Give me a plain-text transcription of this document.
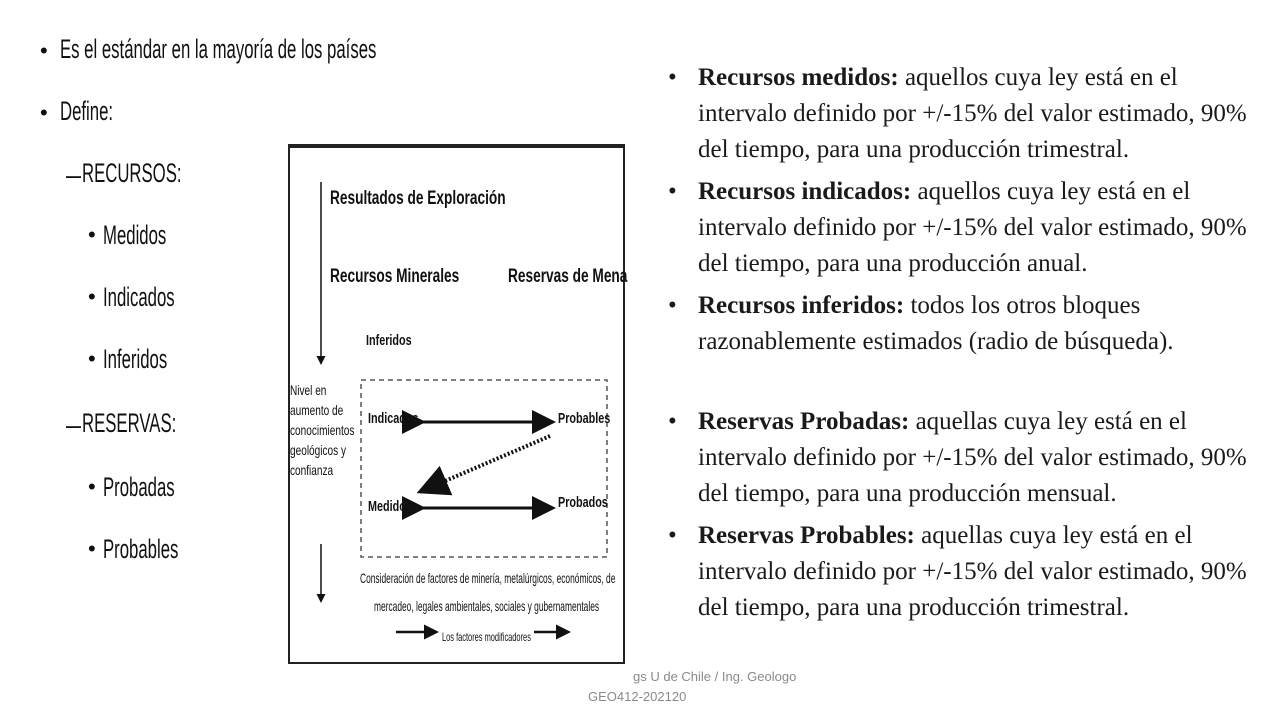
• Es el estándar en la mayoría de los países
• Define:
– RECURSOS:
• Medidos
• Indicados
• Inferidos
– RESERVAS:
• Probadas
• Probables
Resultados de Exploración
Recursos Minerales	Reservas de Mena
Inferidos
Indicados	Probables
Medidos	Probados
Nivel en
aumento de
conocimientos
geológicos y
confianza
Consideración de factores de minería, metalúrgicos, económicos, de
mercadeo, legales ambientales, sociales y gubernamentales
Los factores modificadores
• Recursos medidos: aquellos cuya ley está en el intervalo definido por +/-15% del valor estimado, 90% del tiempo, para una producción trimestral.
• Recursos indicados: aquellos cuya ley está en el intervalo definido por +/-15% del valor estimado, 90% del tiempo, para una producción anual.
• Recursos inferidos: todos los otros bloques razonablemente estimados (radio de búsqueda).
• Reservas Probadas: aquellas cuya ley está en el intervalo definido por +/-15% del valor estimado, 90% del tiempo, para una producción mensual.
• Reservas Probables: aquellas cuya ley está en el intervalo definido por +/-15% del valor estimado, 90% del tiempo, para una producción trimestral.
gs U de Chile / Ing. Geologo
GEO412-202120
